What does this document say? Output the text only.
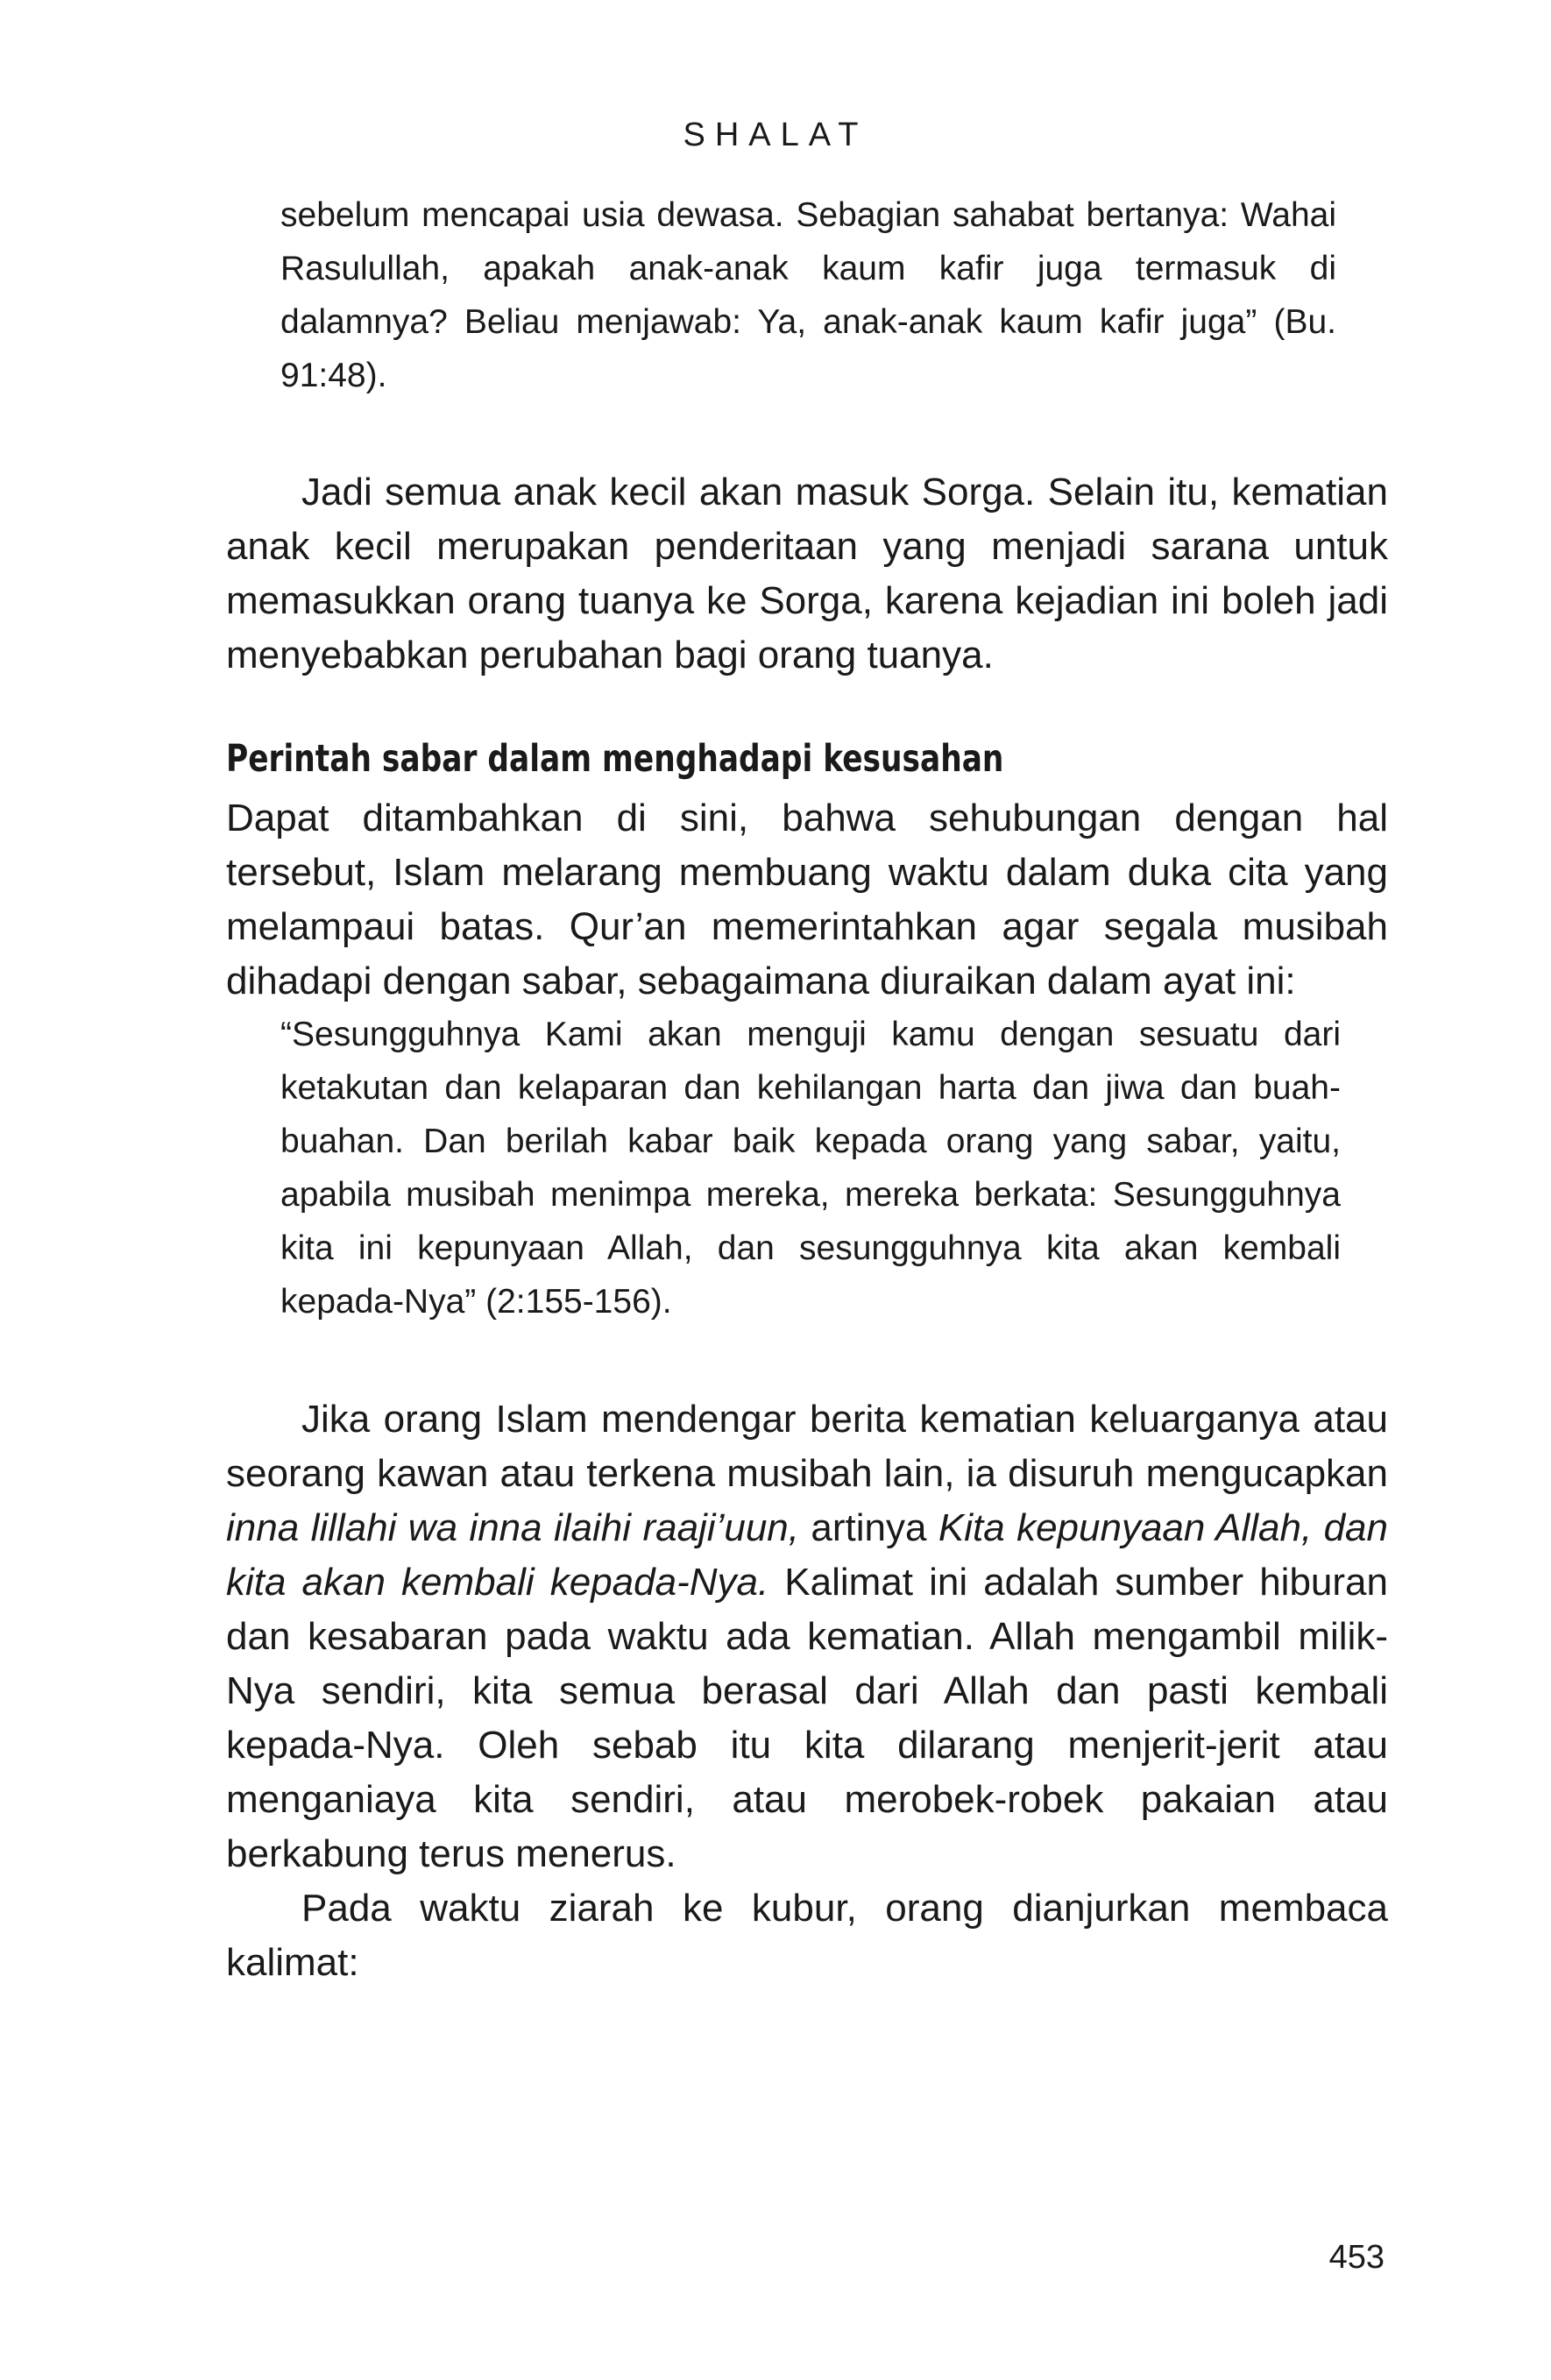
SHALAT

sebelum mencapai usia dewasa. Sebagian sahabat bertanya: Wahai Rasulullah, apakah anak-anak kaum kafir juga termasuk di dalamnya? Beliau menjawab: Ya, anak-anak kaum kafir juga” (Bu. 91:48).

Jadi semua anak kecil akan masuk Sorga. Selain itu, kematian anak kecil merupakan penderitaan yang menjadi sarana untuk memasukkan orang tuanya ke Sorga, karena kejadian ini boleh jadi menyebabkan perubahan bagi orang tuanya.

Perintah sabar dalam menghadapi kesusahan

Dapat ditambahkan di sini, bahwa sehubungan dengan hal tersebut, Islam melarang membuang waktu dalam duka cita yang melampaui batas. Qur’an memerintahkan agar segala musibah dihadapi dengan sabar, sebagaimana diuraikan dalam ayat ini:

“Sesungguhnya Kami akan menguji kamu dengan sesuatu dari ketakutan dan kelaparan dan kehilangan harta dan jiwa dan buah-buahan. Dan berilah kabar baik kepada orang yang sabar, yaitu, apabila musibah menimpa mereka, mereka berkata: Sesungguhnya kita ini kepunyaan Allah, dan sesungguhnya kita akan kembali kepada-Nya” (2:155-156).

Jika orang Islam mendengar berita kematian keluarganya atau seorang kawan atau terkena musibah lain, ia disuruh mengucapkan inna lillahi wa inna ilaihi raaji’uun, artinya Kita kepunyaan Allah, dan kita akan kembali kepada-Nya. Kalimat ini adalah sumber hiburan dan kesabaran pada waktu ada kematian. Allah mengambil milik-Nya sendiri, kita semua berasal dari Allah dan pasti kembali kepada-Nya. Oleh sebab itu kita dilarang menjerit-jerit atau menganiaya kita sendiri, atau merobek-robek pakaian atau berkabung terus menerus.

Pada waktu ziarah ke kubur, orang dianjurkan membaca kalimat:

453
